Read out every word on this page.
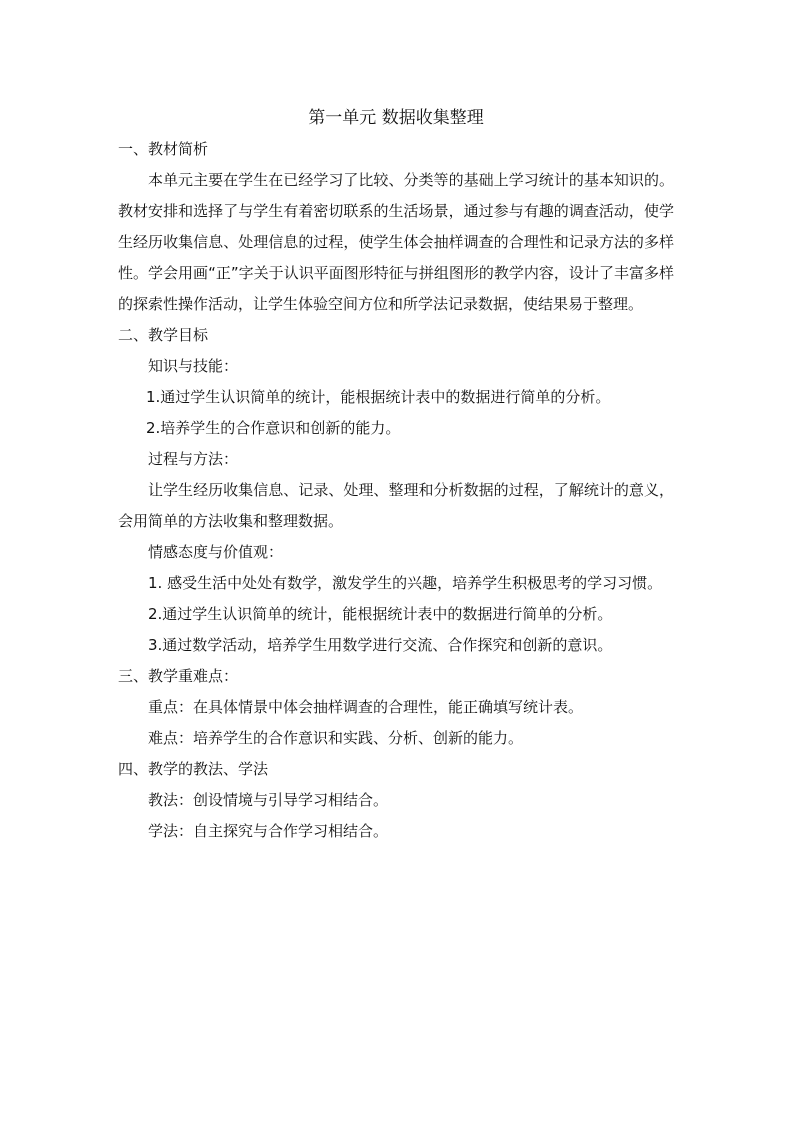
第一单元 数据收集整理
一、教材简析

本单元主要在学生在已经学习了比较、分类等的基础上学习统计的基本知识的。教材安排和选择了与学生有着密切联系的生活场景，通过参与有趣的调查活动，使学生经历收集信息、处理信息的过程，使学生体会抽样调查的合理性和记录方法的多样性。学会用画“正”字关于认识平面图形特征与拼组图形的教学内容，设计了丰富多样的探索性操作活动，让学生体验空间方位和所学法记录数据，使结果易于整理。

二、教学目标

知识与技能：

1.通过学生认识简单的统计，能根据统计表中的数据进行简单的分析。

2.培养学生的合作意识和创新的能力。

过程与方法：

让学生经历收集信息、记录、处理、整理和分析数据的过程，了解统计的意义，会用简单的方法收集和整理数据。

情感态度与价值观：

1. 感受生活中处处有数学，激发学生的兴趣，培养学生积极思考的学习习惯。

2.通过学生认识简单的统计，能根据统计表中的数据进行简单的分析。

3.通过数学活动，培养学生用数学进行交流、合作探究和创新的意识。

三、教学重难点：

重点：在具体情景中体会抽样调查的合理性，能正确填写统计表。

难点：培养学生的合作意识和实践、分析、创新的能力。

四、教学的教法、学法

教法：创设情境与引导学习相结合。

学法：自主探究与合作学习相结合。
